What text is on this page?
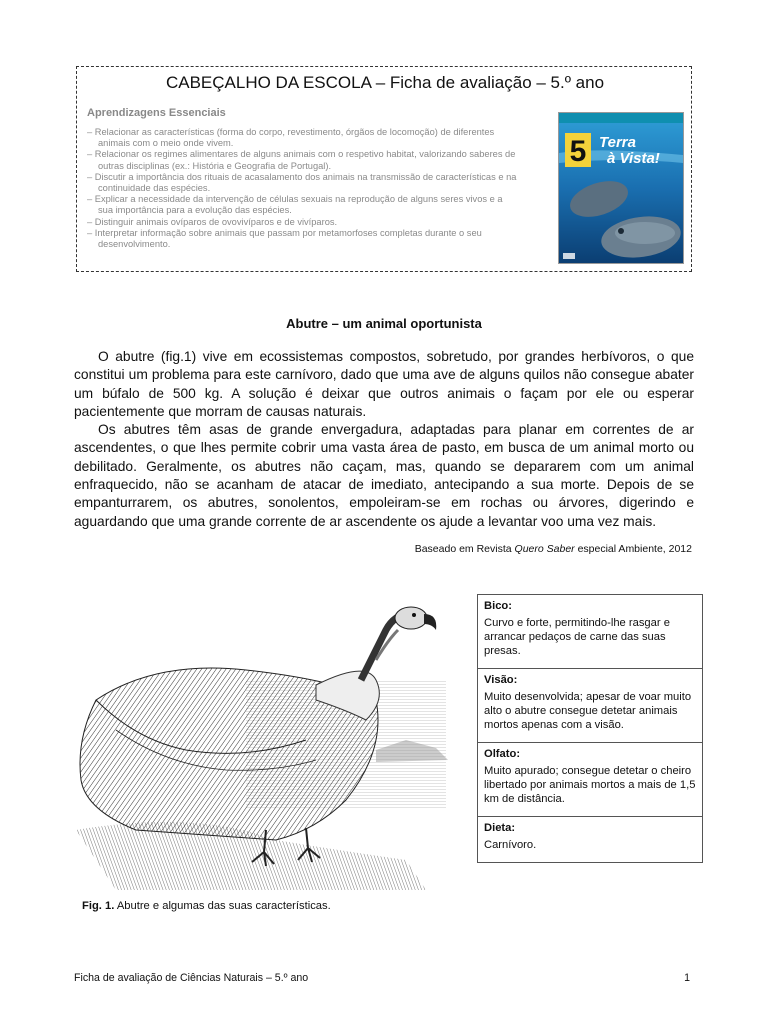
CABEÇALHO DA ESCOLA – Ficha de avaliação – 5.º ano
Aprendizagens Essenciais
– Relacionar as características (forma do corpo, revestimento, órgãos de locomoção) de diferentes animais com o meio onde vivem.
– Relacionar os regimes alimentares de alguns animais com o respetivo habitat, valorizando saberes de outras disciplinas (ex.: História e Geografia de Portugal).
– Discutir a importância dos rituais de acasalamento dos animais na transmissão de características e na continuidade das espécies.
– Explicar a necessidade da intervenção de células sexuais na reprodução de alguns seres vivos e a sua importância para a evolução das espécies.
– Distinguir animais ovíparos de ovovivíparos e de vivíparos.
– Interpretar informação sobre animais que passam por metamorfoses completas durante o seu desenvolvimento.
5 Terra
à Vista!
Abutre – um animal oportunista

O abutre (fig.1) vive em ecossistemas compostos, sobretudo, por grandes herbívoros, o que constitui um problema para este carnívoro, dado que uma ave de alguns quilos não consegue abater um búfalo de 500 kg. A solução é deixar que outros animais o façam por ele ou esperar pacientemente que morram de causas naturais.

Os abutres têm asas de grande envergadura, adaptadas para planar em correntes de ar ascendentes, o que lhes permite cobrir uma vasta área de pasto, em busca de um animal morto ou debilitado. Geralmente, os abutres não caçam, mas, quando se depararem com um animal enfraquecido, não se acanham de atacar de imediato, antecipando a sua morte. Depois de se empanturrarem, os abutres, sonolentos, empoleiram-se em rochas ou árvores, digerindo e aguardando que uma grande corrente de ar ascendente os ajude a levantar voo uma vez mais.

Baseado em Revista Quero Saber especial Ambiente, 2012
Fig. 1. Abutre e algumas das suas características.
Bico:
Curvo e forte, permitindo-lhe rasgar e arrancar pedaços de carne das suas presas.

Visão:
Muito desenvolvida; apesar de voar muito alto o abutre consegue detetar animais mortos apenas com a visão.

Olfato:
Muito apurado; consegue detetar o cheiro libertado por animais mortos a mais de 1,5 km de distância.

Dieta:
Carnívoro.
Ficha de avaliação de Ciências Naturais – 5.º ano	1
